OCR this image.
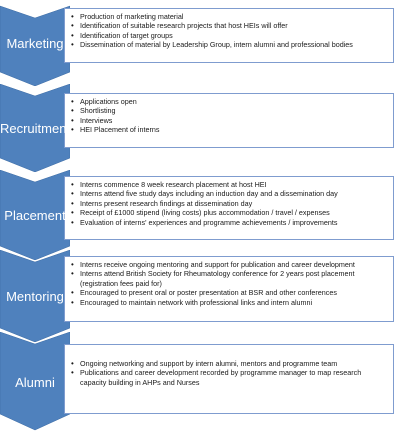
Marketing
• Production of marketing material
• Identification of suitable research projects that host HEIs will offer
• Identification of target groups
• Dissemination of material by Leadership Group, intern alumni and professional bodies
Recruitment
• Applications open
• Shortlisting
• Interviews
• HEI Placement of interns
Placement
• Interns commence 8 week research placement at host HEI
• Interns attend five study days including an induction day and a dissemination day
• Interns present research findings at dissemination day
• Receipt of £1000 stipend (living costs) plus accommodation / travel / expenses
• Evaluation of interns' experiences and programme achievements / improvements
Mentoring
• Interns receive ongoing mentoring and support for publication and career development
• Interns attend British Society for Rheumatology conference for 2 years post placement (registration fees paid for)
• Encouraged to present oral or poster presentation at BSR and other conferences
• Encouraged to maintain network with professional links and intern alumni
Alumni
• Ongoing networking and support by intern alumni, mentors and programme team
• Publications and career development recorded by programme manager to map research capacity building in AHPs and Nurses
